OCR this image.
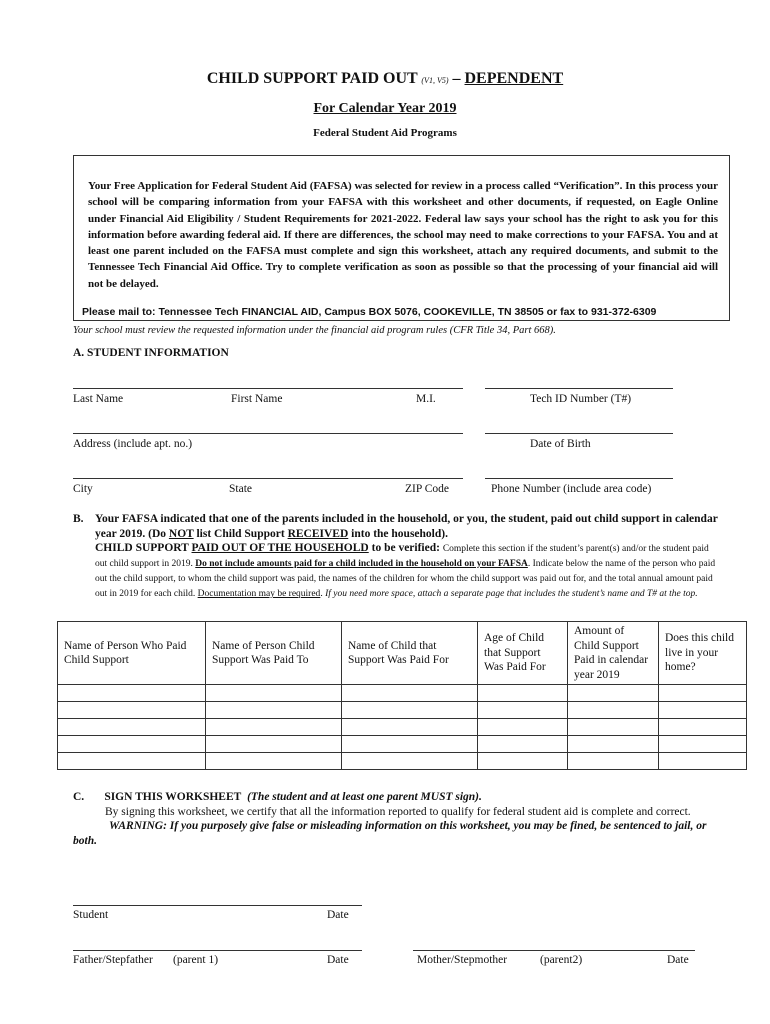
CHILD SUPPORT PAID OUT (V1, V5) – DEPENDENT
For Calendar Year 2019
Federal Student Aid Programs
Your Free Application for Federal Student Aid (FAFSA) was selected for review in a process called “Verification”. In this process your school will be comparing information from your FAFSA with this worksheet and other documents, if requested, on Eagle Online under Financial Aid Eligibility / Student Requirements for 2021-2022. Federal law says your school has the right to ask you for this information before awarding federal aid. If there are differences, the school may need to make corrections to your FAFSA. You and at least one parent included on the FAFSA must complete and sign this worksheet, attach any required documents, and submit to the Tennessee Tech Financial Aid Office. Try to complete verification as soon as possible so that the processing of your financial aid will not be delayed.
Please mail to: Tennessee Tech FINANCIAL AID, Campus BOX 5076, COOKEVILLE, TN 38505 or fax to 931-372-6309
Your school must review the requested information under the financial aid program rules (CFR Title 34, Part 668).
A. STUDENT INFORMATION
Last Name	First Name	M.I.	Tech ID Number (T#)
Address (include apt. no.)	Date of Birth
City	State	ZIP Code	Phone Number (include area code)
B. Your FAFSA indicated that one of the parents included in the household, or you, the student, paid out child support in calendar year 2019. (Do NOT list Child Support RECEIVED into the household).
CHILD SUPPORT PAID OUT OF THE HOUSEHOLD to be verified: Complete this section if the student’s parent(s) and/or the student paid out child support in 2019. Do not include amounts paid for a child included in the household on your FAFSA. Indicate below the name of the person who paid out the child support, to whom the child support was paid, the names of the children for whom the child support was paid out for, and the total annual amount paid out in 2019 for each child. Documentation may be required. If you need more space, attach a separate page that includes the student’s name and T# at the top.
Name of Person Who Paid Child Support	Name of Person Child Support Was Paid To	Name of Child that Support Was Paid For	Age of Child that Support Was Paid For	Amount of Child Support Paid in calendar year 2019	Does this child live in your home?

C. SIGN THIS WORKSHEET (The student and at least one parent MUST sign).
By signing this worksheet, we certify that all the information reported to qualify for federal student aid is complete and correct.
WARNING: If you purposely give false or misleading information on this worksheet, you may be fined, be sentenced to jail, or both.
Student	Date
Father/Stepfather (parent 1)	Date	Mother/Stepmother	(parent2)	Date
